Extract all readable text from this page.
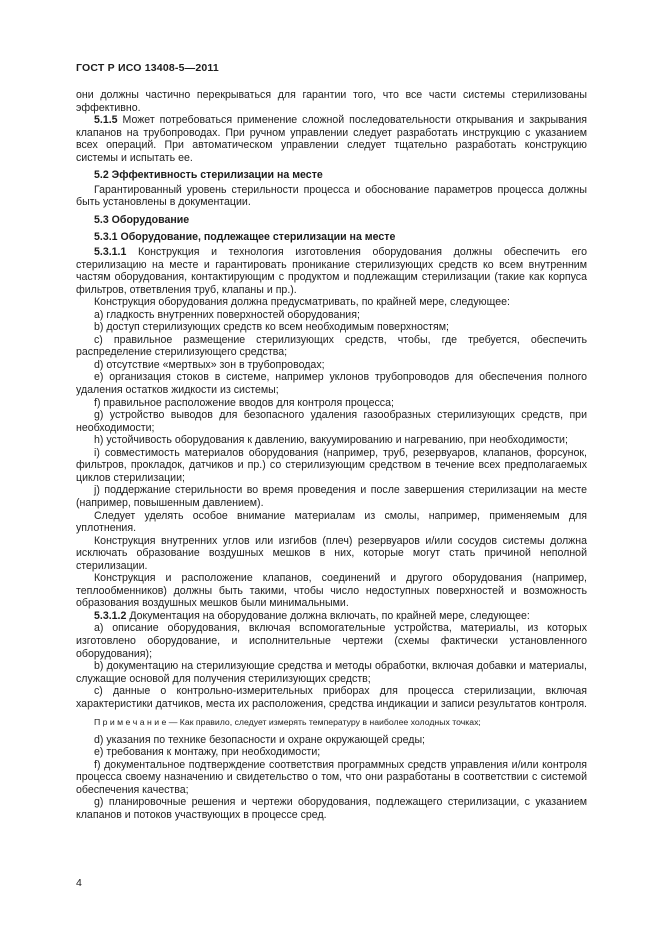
ГОСТ Р ИСО 13408-5—2011

они должны частично перекрываться для гарантии того, что все части системы стерилизованы эффективно.

5.1.5 Может потребоваться применение сложной последовательности открывания и закрывания клапанов на трубопроводах. При ручном управлении следует разработать инструкцию с указанием всех операций. При автоматическом управлении следует тщательно разработать конструкцию системы и испытать ее.

5.2 Эффективность стерилизации на месте

Гарантированный уровень стерильности процесса и обоснование параметров процесса должны быть установлены в документации.

5.3 Оборудование

5.3.1 Оборудование, подлежащее стерилизации на месте

5.3.1.1 Конструкция и технология изготовления оборудования должны обеспечить его стерилизацию на месте и гарантировать проникание стерилизующих средств ко всем внутренним частям оборудования, контактирующим с продуктом и подлежащим стерилизации (такие как корпуса фильтров, ответвления труб, клапаны и пр.).

Конструкция оборудования должна предусматривать, по крайней мере, следующее:

a) гладкость внутренних поверхностей оборудования;

b) доступ стерилизующих средств ко всем необходимым поверхностям;

c) правильное размещение стерилизующих средств, чтобы, где требуется, обеспечить распределение стерилизующего средства;

d) отсутствие «мертвых» зон в трубопроводах;

e) организация стоков в системе, например уклонов трубопроводов для обеспечения полного удаления остатков жидкости из системы;

f) правильное расположение вводов для контроля процесса;

g) устройство выводов для безопасного удаления газообразных стерилизующих средств, при необходимости;

h) устойчивость оборудования к давлению, вакуумированию и нагреванию, при необходимости;

i) совместимость материалов оборудования (например, труб, резервуаров, клапанов, форсунок, фильтров, прокладок, датчиков и пр.) со стерилизующим средством в течение всех предполагаемых циклов стерилизации;

j) поддержание стерильности во время проведения и после завершения стерилизации на месте (например, повышенным давлением).

Следует уделять особое внимание материалам из смолы, например, применяемым для уплотнения.

Конструкция внутренних углов или изгибов (плеч) резервуаров и/или сосудов системы должна исключать образование воздушных мешков в них, которые могут стать причиной неполной стерилизации.

Конструкция и расположение клапанов, соединений и другого оборудования (например, теплообменников) должны быть такими, чтобы число недоступных поверхностей и возможность образования воздушных мешков были минимальными.

5.3.1.2 Документация на оборудование должна включать, по крайней мере, следующее:

a) описание оборудования, включая вспомогательные устройства, материалы, из которых изготовлено оборудование, и исполнительные чертежи (схемы фактически установленного оборудования);

b) документацию на стерилизующие средства и методы обработки, включая добавки и материалы, служащие основой для получения стерилизующих средств;

c) данные о контрольно-измерительных приборах для процесса стерилизации, включая характеристики датчиков, места их расположения, средства индикации и записи результатов контроля.

П р и м е ч а н и е — Как правило, следует измерять температуру в наиболее холодных точках;

d) указания по технике безопасности и охране окружающей среды;

e) требования к монтажу, при необходимости;

f) документальное подтверждение соответствия программных средств управления и/или контроля процесса своему назначению и свидетельство о том, что они разработаны в соответствии с системой обеспечения качества;

g) планировочные решения и чертежи оборудования, подлежащего стерилизации, с указанием клапанов и потоков участвующих в процессе сред.

4
